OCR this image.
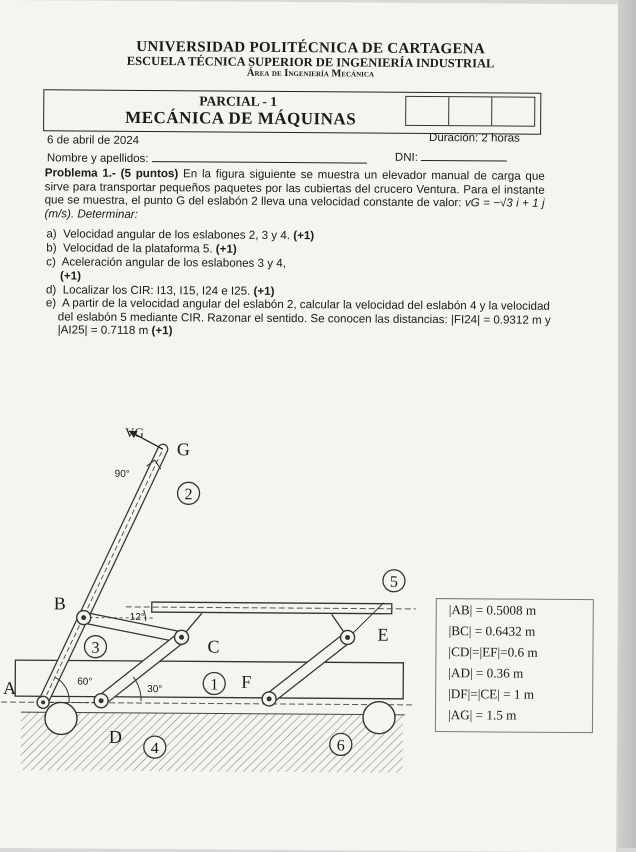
UNIVERSIDAD POLITÉCNICA DE CARTAGENA
ESCUELA TÉCNICA SUPERIOR DE INGENIERÍA INDUSTRIAL
Área de Ingeniería Mecánica
PARCIAL - 1
MECÁNICA DE MÁQUINAS
6 de abril de 2024	Duración: 2 horas
Nombre y apellidos:	DNI:
Problema 1.- (5 puntos) En la figura siguiente se muestra un elevador manual de carga que sirve para transportar pequeños paquetes por las cubiertas del crucero Ventura. Para el instante que se muestra, el punto G del eslabón 2 lleva una velocidad constante de valor: vG = −√3 i + 1 j (m/s). Determinar:
a) Velocidad angular de los eslabones 2, 3 y 4. (+1)
b) Velocidad de la plataforma 5. (+1)
c) Aceleración angular de los eslabones 3 y 4,
(+1)
d) Localizar los CIR: I13, I15, I24 e I25. (+1)
e) A partir de la velocidad angular del eslabón 2, calcular la velocidad del eslabón 4 y la velocidad del eslabón 5 mediante CIR. Razonar el sentido. Se conocen las distancias: |FI24| = 0.9312 m y |AI25| = 0.7118 m (+1)
A
B
C
D
E
F
G
VG
90°
12°
60°
30°
2
3
4
5
6
1
|AB| = 0.5008 m
|BC| = 0.6432 m
|CD|=|EF|=0.6 m
|AD| = 0.36 m
|DF|=|CE| = 1 m
|AG| = 1.5 m
